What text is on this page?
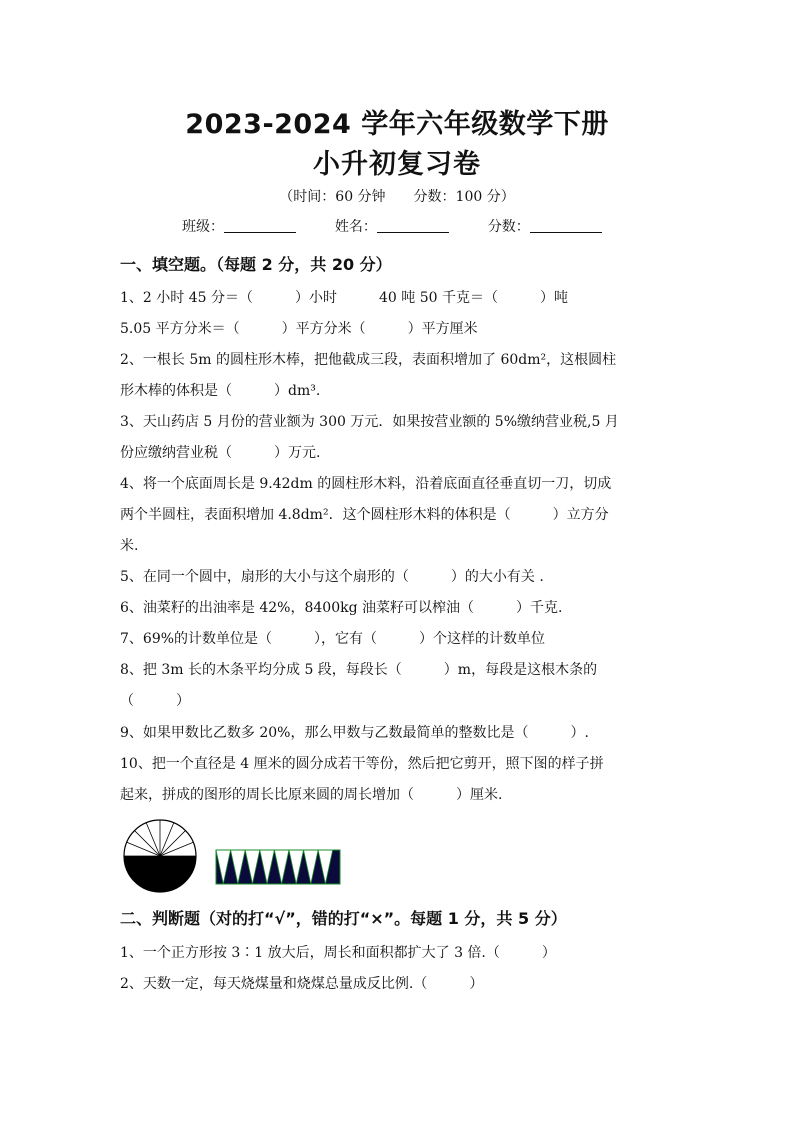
2023-2024 学年六年级数学下册
小升初复习卷
（时间：60 分钟　　分数：100 分）
班级：	姓名：	分数：
一、填空题。（每题 2 分，共 20 分）
1、2 小时 45 分＝（　　　）小时　　　40 吨 50 千克＝（　　　）吨
5.05 平方分米＝（　　　）平方分米（　　　）平方厘米
2、一根长 5m 的圆柱形木棒，把他截成三段，表面积增加了 60dm²，这根圆柱
形木棒的体积是（　　　）dm³.
3、天山药店 5 月份的营业额为 300 万元．如果按营业额的 5%缴纳营业税,5 月
份应缴纳营业税（　　　）万元.
4、将一个底面周长是 9.42dm 的圆柱形木料，沿着底面直径垂直切一刀，切成
两个半圆柱，表面积增加 4.8dm²．这个圆柱形木料的体积是（　　　）立方分
米.
5、在同一个圆中，扇形的大小与这个扇形的（　　　）的大小有关 .
6、油菜籽的出油率是 42%，8400kg 油菜籽可以榨油（　　　）千克.
7、69%的计数单位是（　　　），它有（　　　）个这样的计数单位
8、把 3m 长的木条平均分成 5 段，每段长（　　　）m，每段是这根木条的
（　　　）
9、如果甲数比乙数多 20%，那么甲数与乙数最简单的整数比是（　　　）.
10、把一个直径是 4 厘米的圆分成若干等份，然后把它剪开，照下图的样子拼
起来，拼成的图形的周长比原来圆的周长增加（　　　）厘米.
二、判断题（对的打“√”，错的打“×”。每题 1 分，共 5 分）
1、一个正方形按 3∶1 放大后，周长和面积都扩大了 3 倍.（　　　）
2、天数一定，每天烧煤量和烧煤总量成反比例.（　　　）
